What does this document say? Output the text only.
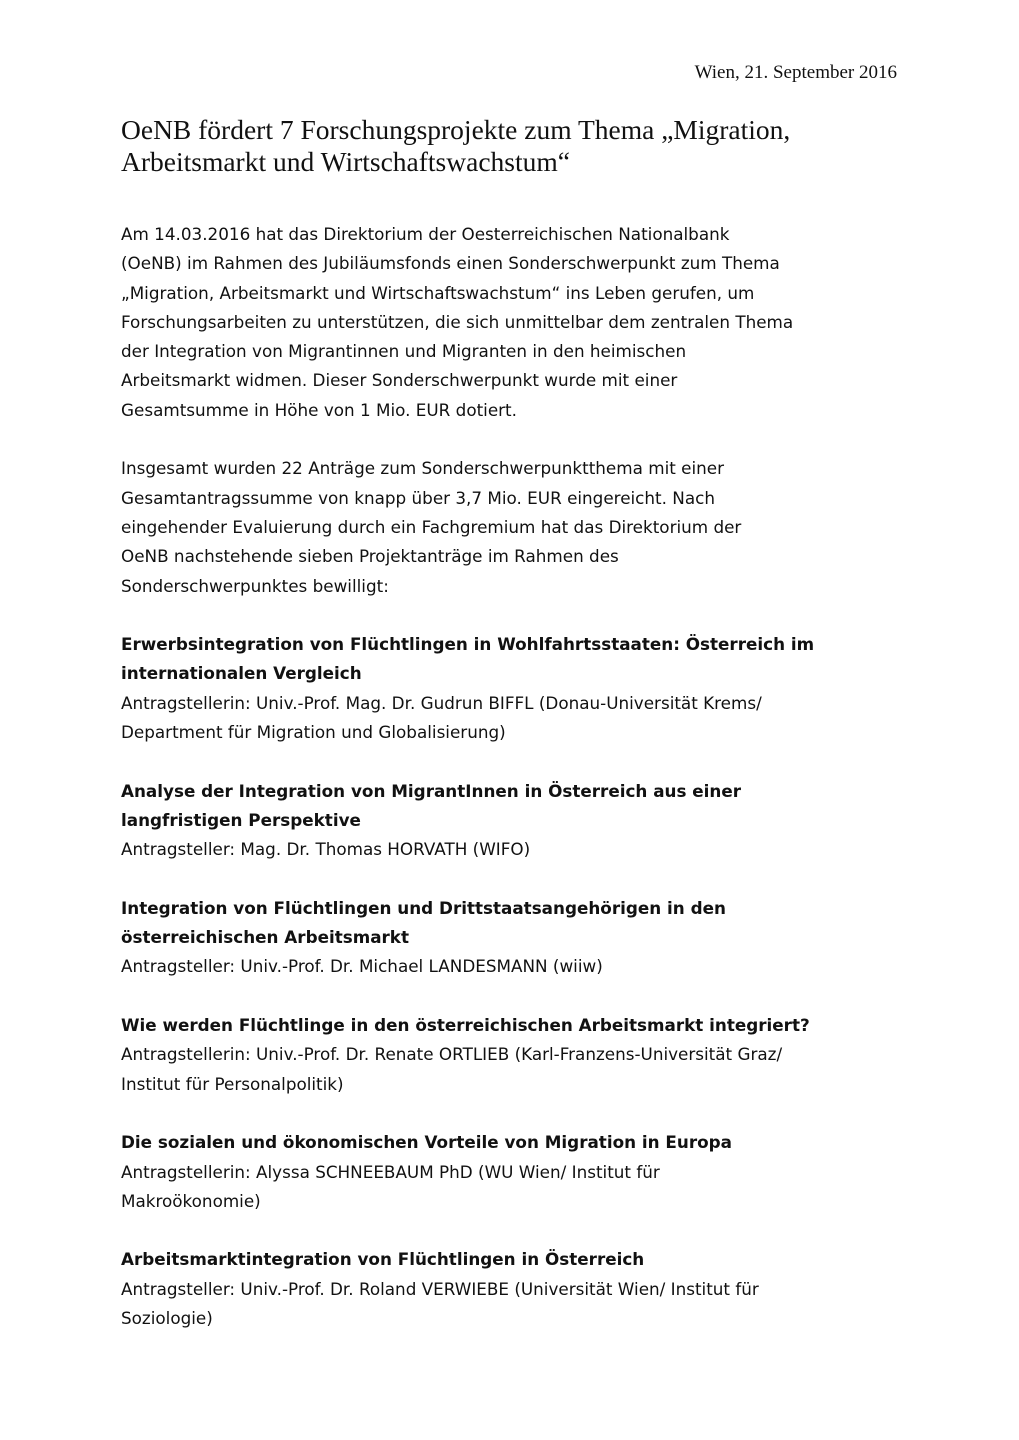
Wien, 21. September 2016
OeNB fördert 7 Forschungsprojekte zum Thema „Migration,
Arbeitsmarkt und Wirtschaftswachstum“

Am 14.03.2016 hat das Direktorium der Oesterreichischen Nationalbank
(OeNB) im Rahmen des Jubiläumsfonds einen Sonderschwerpunkt zum Thema
„Migration, Arbeitsmarkt und Wirtschaftswachstum“ ins Leben gerufen, um
Forschungsarbeiten zu unterstützen, die sich unmittelbar dem zentralen Thema
der Integration von Migrantinnen und Migranten in den heimischen
Arbeitsmarkt widmen. Dieser Sonderschwerpunkt wurde mit einer
Gesamtsumme in Höhe von 1 Mio. EUR dotiert.

Insgesamt wurden 22 Anträge zum Sonderschwerpunktthema mit einer
Gesamtantragssumme von knapp über 3,7 Mio. EUR eingereicht. Nach
eingehender Evaluierung durch ein Fachgremium hat das Direktorium der
OeNB nachstehende sieben Projektanträge im Rahmen des
Sonderschwerpunktes bewilligt:

Erwerbsintegration von Flüchtlingen in Wohlfahrtsstaaten: Österreich im
internationalen Vergleich
Antragstellerin: Univ.-Prof. Mag. Dr. Gudrun BIFFL (Donau-Universität Krems/
Department für Migration und Globalisierung)
Analyse der Integration von MigrantInnen in Österreich aus einer
langfristigen Perspektive
Antragsteller: Mag. Dr. Thomas HORVATH (WIFO)
Integration von Flüchtlingen und Drittstaatsangehörigen in den
österreichischen Arbeitsmarkt
Antragsteller: Univ.-Prof. Dr. Michael LANDESMANN (wiiw)
Wie werden Flüchtlinge in den österreichischen Arbeitsmarkt integriert?
Antragstellerin: Univ.-Prof. Dr. Renate ORTLIEB (Karl-Franzens-Universität Graz/
Institut für Personalpolitik)
Die sozialen und ökonomischen Vorteile von Migration in Europa
Antragstellerin: Alyssa SCHNEEBAUM PhD (WU Wien/ Institut für
Makroökonomie)
Arbeitsmarktintegration von Flüchtlingen in Österreich
Antragsteller: Univ.-Prof. Dr. Roland VERWIEBE (Universität Wien/ Institut für
Soziologie)
